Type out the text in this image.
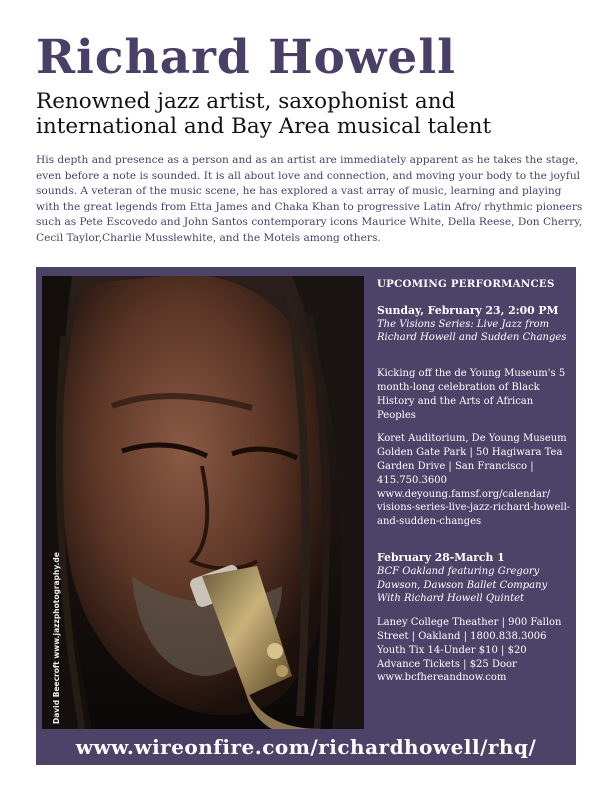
Richard Howell
Renowned jazz artist, saxophonist and
international and Bay Area musical talent
His depth and presence as a person and as an artist are immediately apparent as he takes the stage, even before a note is sounded. It is all about love and connection, and moving your body to the joyful sounds. A veteran of the music scene, he has explored a vast array of music, learning and playing with the great legends from Etta James and Chaka Khan to progressive Latin Afro/ rhythmic pioneers such as Pete Escovedo and John Santos contemporary icons Maurice White, Della Reese, Don Cherry, Cecil Taylor,Charlie Musslewhite, and the Motels among others.
David Beecroft www.jazzphotography.de
UPCOMING PERFORMANCES
Sunday, February 23, 2:00 PM
The Visions Series: Live Jazz from Richard Howell and Sudden Changes
Kicking off the de Young Museum's 5 month-long celebration of Black History and the Arts of African Peoples
Koret Auditorium, De Young Museum Golden Gate Park | 50 Hagiwara Tea Garden Drive | San Francisco | 415.750.3600
www.deyoung.famsf.org/calendar/ visions-series-live-jazz-richard-howell-and-sudden-changes
February 28-March 1
BCF Oakland featuring Gregory Dawson, Dawson Ballet Company With Richard Howell Quintet
Laney College Theather | 900 Fallon Street | Oakland | 1800.838.3006
Youth Tix 14-Under $10 | $20 Advance Tickets | $25 Door
www.bcfhereandnow.com
www.wireonfire.com/richardhowell/rhq/
